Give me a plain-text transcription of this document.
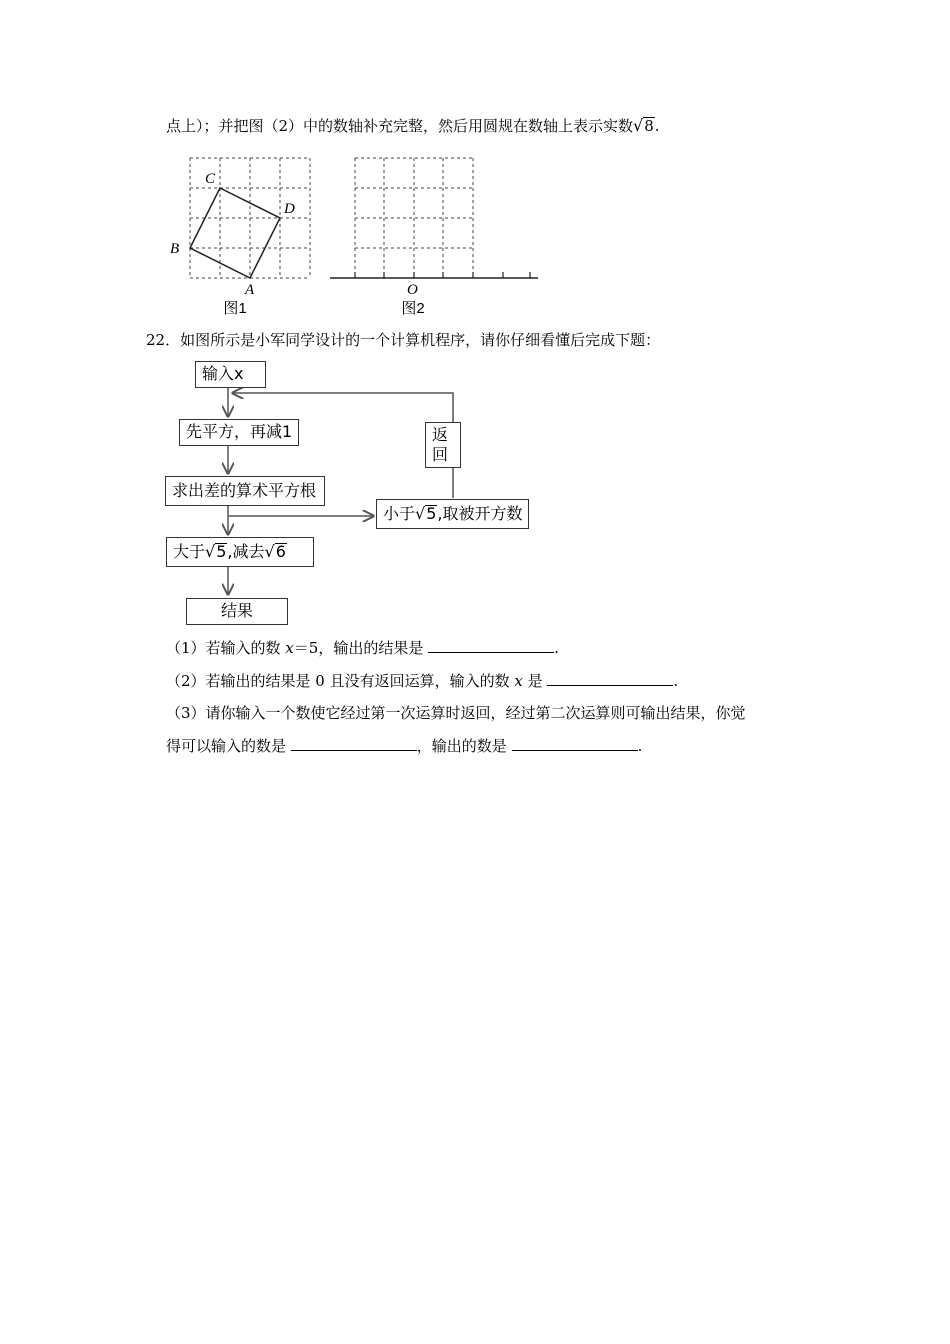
点上）；并把图（2）中的数轴补充完整，然后用圆规在数轴上表示实数√8.
C
D
B
A
图1
O
图2
22．如图所示是小军同学设计的一个计算机程序，请你仔细看懂后完成下题：
输入x
先平方，再减1
求出差的算术平方根
返
回
小于√5,取被开方数
大于√5,减去√6
结果
（1）若输入的数 x＝5，输出的结果是	.
（2）若输出的结果是 0 且没有返回运算，输入的数 x 是	.
（3）请你输入一个数使它经过第一次运算时返回，经过第二次运算则可输出结果，你觉
得可以输入的数是	，输出的数是	.
